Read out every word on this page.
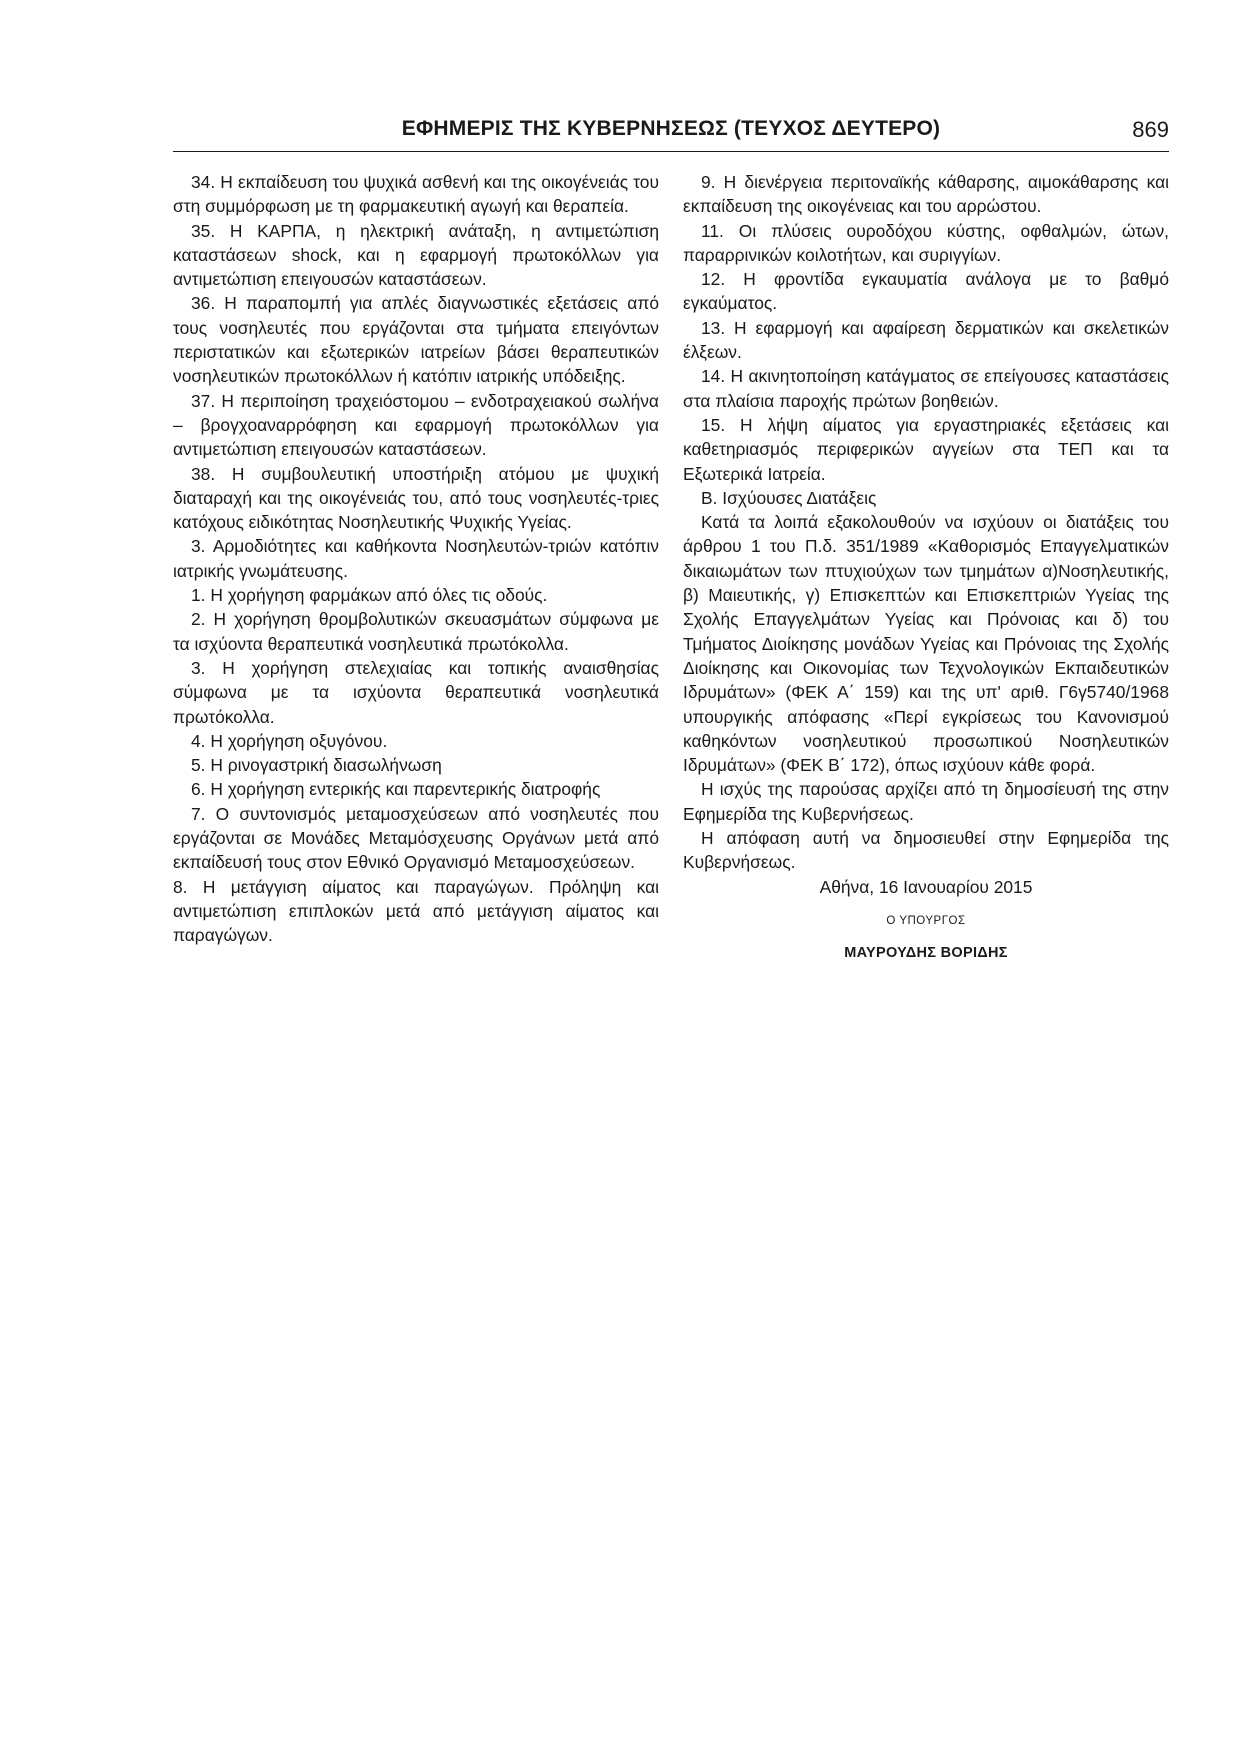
ΕΦΗΜΕΡΙΣ ΤΗΣ ΚΥΒΕΡΝΗΣΕΩΣ (ΤΕΥΧΟΣ ΔΕΥΤΕΡΟ)	869

34. Η εκπαίδευση του ψυχικά ασθενή και της οικογένειάς του στη συμμόρφωση με τη φαρμακευτική αγωγή και θεραπεία.

35. Η ΚΑΡΠΑ, η ηλεκτρική ανάταξη, η αντιμετώπιση καταστάσεων shock, και η εφαρμογή πρωτοκόλλων για αντιμετώπιση επειγουσών καταστάσεων.

36. Η παραπομπή για απλές διαγνωστικές εξετάσεις από τους νοσηλευτές που εργάζονται στα τμήματα επειγόντων περιστατικών και εξωτερικών ιατρείων βάσει θεραπευτικών νοσηλευτικών πρωτοκόλλων ή κατόπιν ιατρικής υπόδειξης.

37. Η περιποίηση τραχειόστομου – ενδοτραχειακού σωλήνα – βρογχοαναρρόφηση και εφαρμογή πρωτοκόλλων για αντιμετώπιση επειγουσών καταστάσεων.

38. Η συμβουλευτική υποστήριξη ατόμου με ψυχική διαταραχή και της οικογένειάς του, από τους νοσηλευτές-τριες κατόχους ειδικότητας Νοσηλευτικής Ψυχικής Υγείας.

3. Αρμοδιότητες και καθήκοντα Νοσηλευτών-τριών κατόπιν ιατρικής γνωμάτευσης.

1. Η χορήγηση φαρμάκων από όλες τις οδούς.

2. Η χορήγηση θρομβολυτικών σκευασμάτων σύμφωνα με τα ισχύοντα θεραπευτικά νοσηλευτικά πρωτόκολλα.

3. Η χορήγηση στελεχιαίας και τοπικής αναισθησίας σύμφωνα με τα ισχύοντα θεραπευτικά νοσηλευτικά πρωτόκολλα.

4. Η χορήγηση οξυγόνου.

5. Η ρινογαστρική διασωλήνωση

6. Η χορήγηση εντερικής και παρεντερικής διατροφής

7. Ο συντονισμός μεταμοσχεύσεων από νοσηλευτές που εργάζονται σε Μονάδες Μεταμόσχευσης Οργάνων μετά από εκπαίδευσή τους στον Εθνικό Οργανισμό Μεταμοσχεύσεων.

8. Η μετάγγιση αίματος και παραγώγων. Πρόληψη και αντιμετώπιση επιπλοκών μετά από μετάγγιση αίματος και παραγώγων.

9. Η διενέργεια περιτοναϊκής κάθαρσης, αιμοκάθαρσης και εκπαίδευση της οικογένειας και του αρρώστου.

11. Οι πλύσεις ουροδόχου κύστης, οφθαλμών, ώτων, παραρρινικών κοιλοτήτων, και συριγγίων.

12. Η φροντίδα εγκαυματία ανάλογα με το βαθμό εγκαύματος.

13. Η εφαρμογή και αφαίρεση δερματικών και σκελετικών έλξεων.

14. Η ακινητοποίηση κατάγματος σε επείγουσες καταστάσεις στα πλαίσια παροχής πρώτων βοηθειών.

15. Η λήψη αίματος για εργαστηριακές εξετάσεις και καθετηριασμός περιφερικών αγγείων στα ΤΕΠ και τα Εξωτερικά Ιατρεία.

Β. Ισχύουσες Διατάξεις

Κατά τα λοιπά εξακολουθούν να ισχύουν οι διατάξεις του άρθρου 1 του Π.δ. 351/1989 «Καθορισμός Επαγγελματικών δικαιωμάτων των πτυχιούχων των τμημάτων α)Νοσηλευτικής, β) Μαιευτικής, γ) Επισκεπτών και Επισκεπτριών Υγείας της Σχολής Επαγγελμάτων Υγείας και Πρόνοιας και δ) του Τμήματος Διοίκησης μονάδων Υγείας και Πρόνοιας της Σχολής Διοίκησης και Οικονομίας των Τεχνολογικών Εκπαιδευτικών Ιδρυμάτων» (ΦΕΚ Α΄ 159) και της υπ' αριθ. Γ6γ5740/1968 υπουργικής απόφασης «Περί εγκρίσεως του Κανονισμού καθηκόντων νοσηλευτικού προσωπικού Νοσηλευτικών Ιδρυμάτων» (ΦΕΚ Β΄ 172), όπως ισχύουν κάθε φορά.

Η ισχύς της παρούσας αρχίζει από τη δημοσίευσή της στην Εφημερίδα της Κυβερνήσεως.

Η απόφαση αυτή να δημοσιευθεί στην Εφημερίδα της Κυβερνήσεως.

Αθήνα, 16 Ιανουαρίου 2015

Ο ΥΠΟΥΡΓΟΣ

ΜΑΥΡΟΥΔΗΣ ΒΟΡΙΔΗΣ
